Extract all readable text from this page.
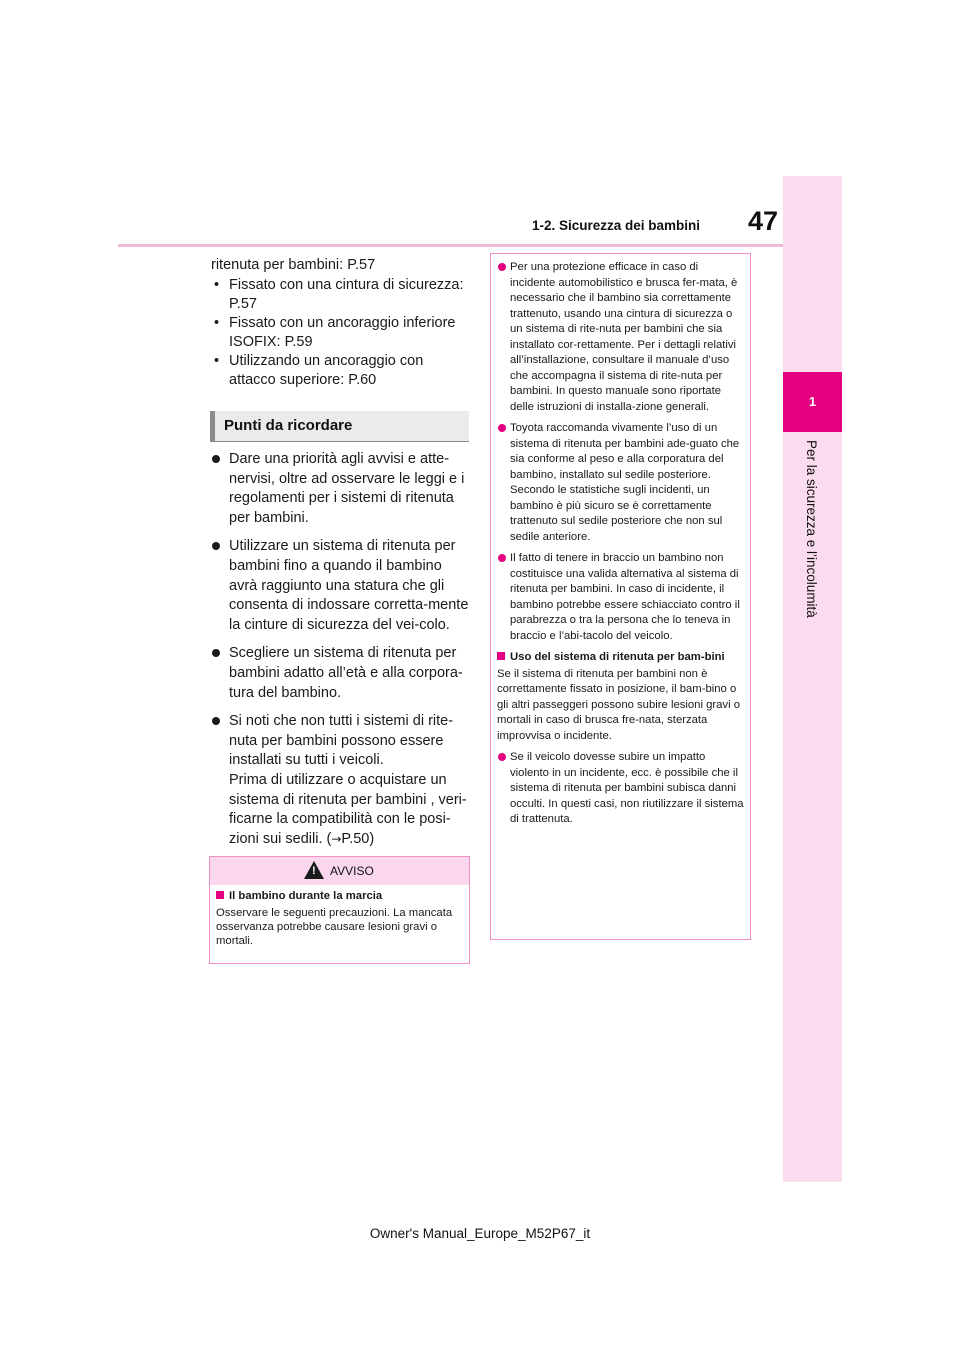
47
1-2. Sicurezza dei bambini
1
Per la sicurezza e l’incolumità
ritenuta per bambini: P.57
• Fissato con una cintura di sicurezza: P.57
• Fissato con un ancoraggio inferiore ISOFIX: P.59
• Utilizzando un ancoraggio con attacco superiore: P.60
Punti da ricordare
Dare una priorità agli avvisi e atte-nervisi, oltre ad osservare le leggi e i regolamenti per i sistemi di ritenuta per bambini.
Utilizzare un sistema di ritenuta per bambini fino a quando il bambino avrà raggiunto una statura che gli consenta di indossare corretta-mente la cinture di sicurezza del vei-colo.
Scegliere un sistema di ritenuta per bambini adatto all’età e alla corpora-tura del bambino.
Si noti che non tutti i sistemi di rite-nuta per bambini possono essere installati su tutti i veicoli.
Prima di utilizzare o acquistare un sistema di ritenuta per bambini , veri-ficarne la compatibilità con le posi-zioni sui sedili. (→P.50)
! AVVISO
Il bambino durante la marcia
Osservare le seguenti precauzioni. La mancata osservanza potrebbe causare lesioni gravi o mortali.
Per una protezione efficace in caso di incidente automobilistico e brusca fer-mata, è necessario che il bambino sia correttamente trattenuto, usando una cintura di sicurezza o un sistema di rite-nuta per bambini che sia installato cor-rettamente. Per i dettagli relativi all’installazione, consultare il manuale d’uso che accompagna il sistema di rite-nuta per bambini. In questo manuale sono riportate delle istruzioni di installa-zione generali.
Toyota raccomanda vivamente l’uso di un sistema di ritenuta per bambini ade-guato che sia conforme al peso e alla corporatura del bambino, installato sul sedile posteriore. Secondo le statistiche sugli incidenti, un bambino è più sicuro se è correttamente trattenuto sul sedile posteriore che non sul sedile anteriore.
Il fatto di tenere in braccio un bambino non costituisce una valida alternativa al sistema di ritenuta per bambini. In caso di incidente, il bambino potrebbe essere schiacciato contro il parabrezza o tra la persona che lo teneva in braccio e l’abi-tacolo del veicolo.
Uso del sistema di ritenuta per bam-bini
Se il sistema di ritenuta per bambini non è correttamente fissato in posizione, il bam-bino o gli altri passeggeri possono subire lesioni gravi o mortali in caso di brusca fre-nata, sterzata improvvisa o incidente.
Se il veicolo dovesse subire un impatto violento in un incidente, ecc. è possibile che il sistema di ritenuta per bambini subisca danni occulti. In questi casi, non riutilizzare il sistema di trattenuta.
Owner's Manual_Europe_M52P67_it
